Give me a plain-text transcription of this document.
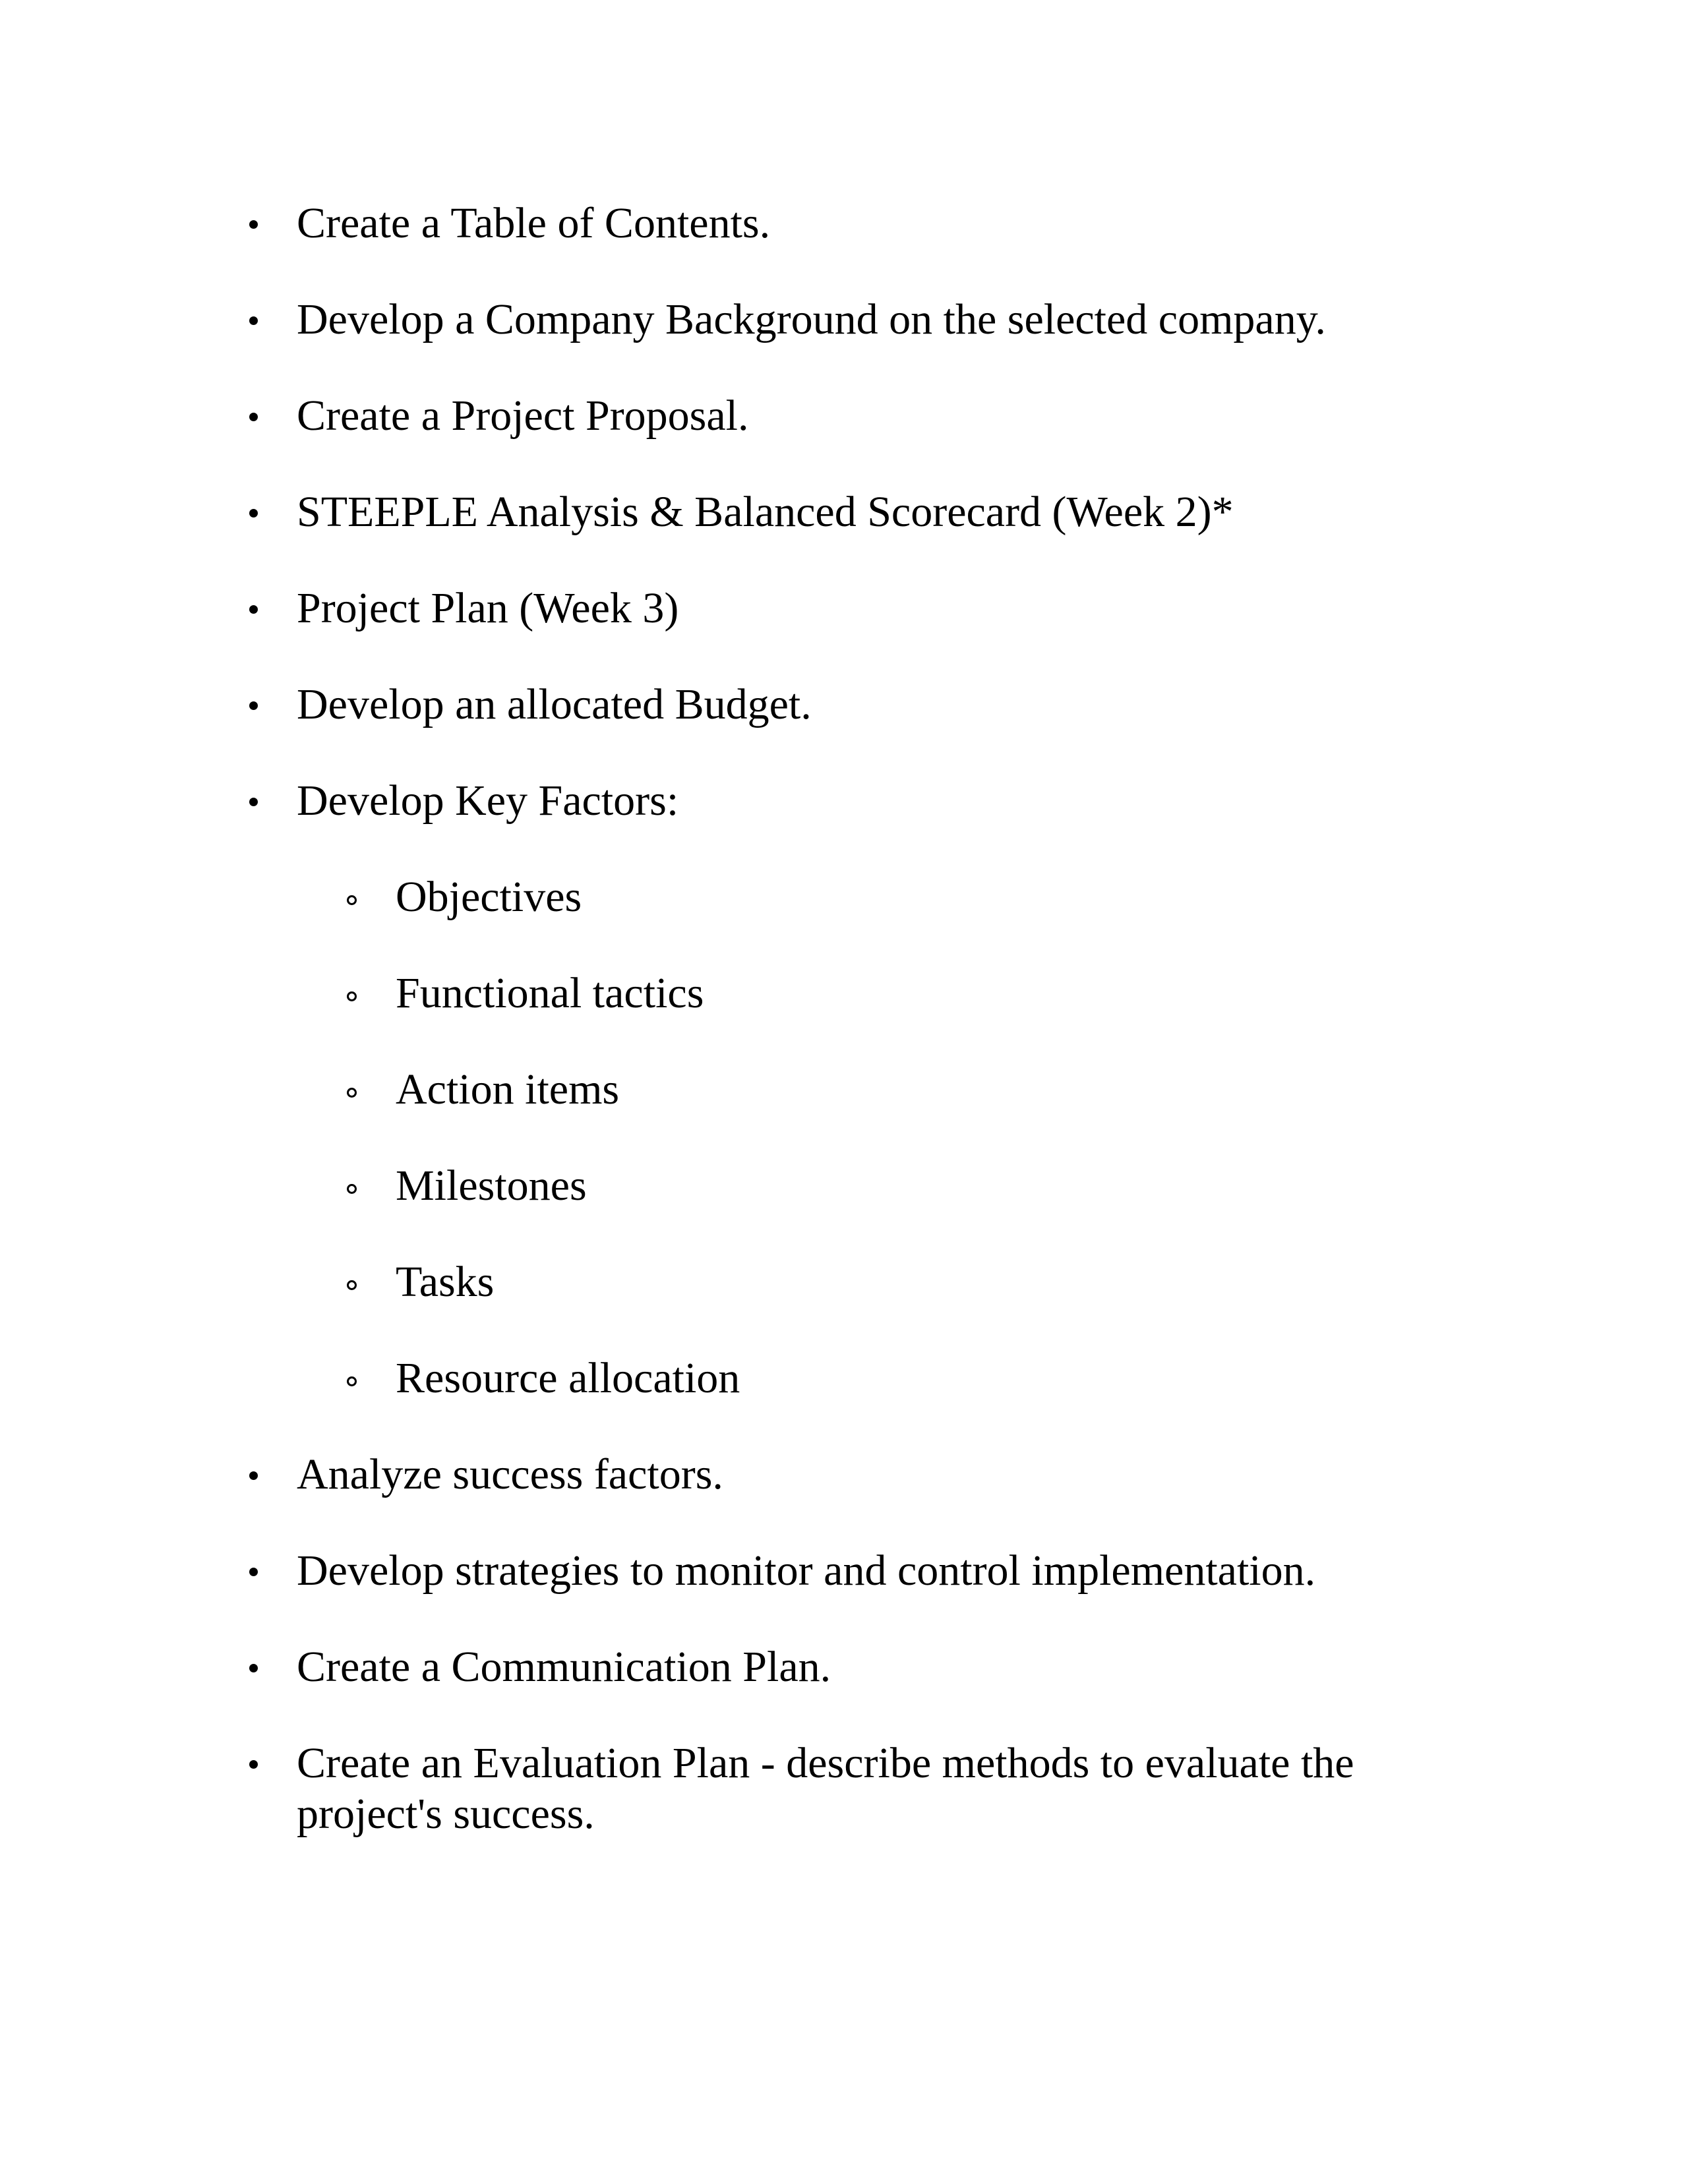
Create a Table of Contents.
Develop a Company Background on the selected company.
Create a Project Proposal.
STEEPLE Analysis & Balanced Scorecard (Week 2)*
Project Plan (Week 3)
Develop an allocated Budget.
Develop Key Factors:
Objectives
Functional tactics
Action items
Milestones
Tasks
Resource allocation
Analyze success factors.
Develop strategies to monitor and control implementation.
Create a Communication Plan.
Create an Evaluation Plan - describe methods to evaluate the project's success.
